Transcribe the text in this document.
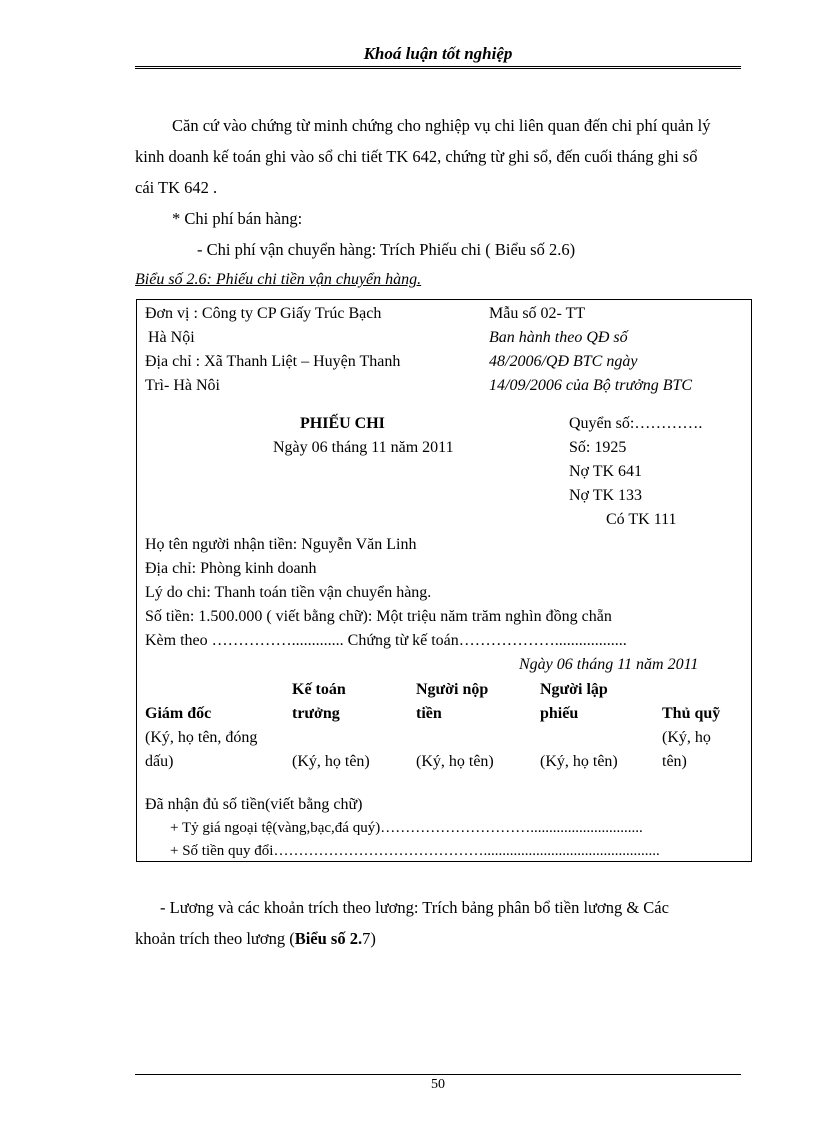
Khoá luận tốt nghiệp
Căn cứ vào chứng từ minh chứng cho nghiệp vụ chi liên quan đến chi phí quản lý
kinh doanh kế toán ghi vào sổ chi tiết TK 642, chứng từ ghi sổ, đến cuối tháng ghi sổ
cái TK 642 .
* Chi phí bán hàng:
- Chi phí vận chuyển hàng: Trích Phiếu chi ( Biểu số 2.6)
Biểu số 2.6: Phiếu chi tiền vận chuyển hàng.
Đơn vị : Công ty CP Giấy Trúc Bạch
Hà Nội
Địa chỉ : Xã Thanh Liệt – Huyện Thanh
Trì- Hà Nôi
Mẫu số 02- TT
Ban hành theo QĐ số
48/2006/QĐ BTC ngày
14/09/2006 của Bộ trưởng BTC
PHIẾU CHI
Ngày 06 tháng 11 năm 2011
Quyển số:………….
Số: 1925
Nợ TK 641
Nợ TK 133
Có TK 111
Họ tên người nhận tiền: Nguyễn Văn Linh
Địa chỉ: Phòng kinh doanh
Lý do chi: Thanh toán tiền vận chuyển hàng.
Số tiền: 1.500.000 ( viết bằng chữ): Một triệu năm trăm nghìn đồng chẵn
Kèm theo ……………............. Chứng từ kế toán………………..................
Ngày 06 tháng 11 năm 2011
Giám đốc
(Ký, họ tên, đóng
dấu)
Kế toán
trưởng
(Ký, họ tên)
Người nộp
tiền
(Ký, họ tên)
Người lập
phiếu
(Ký, họ tên)
Thủ quỹ
(Ký, họ
tên)
Đã nhận đủ số tiền(viết bằng chữ)
+ Tỷ giá ngoại tệ(vàng,bạc,đá quý)…………………………..............................
+ Số tiền quy đổi……………………………………...............................................
- Lương và các khoản trích theo lương: Trích bảng phân bổ tiền lương & Các
khoản trích theo lương (Biểu số 2.7)
50
